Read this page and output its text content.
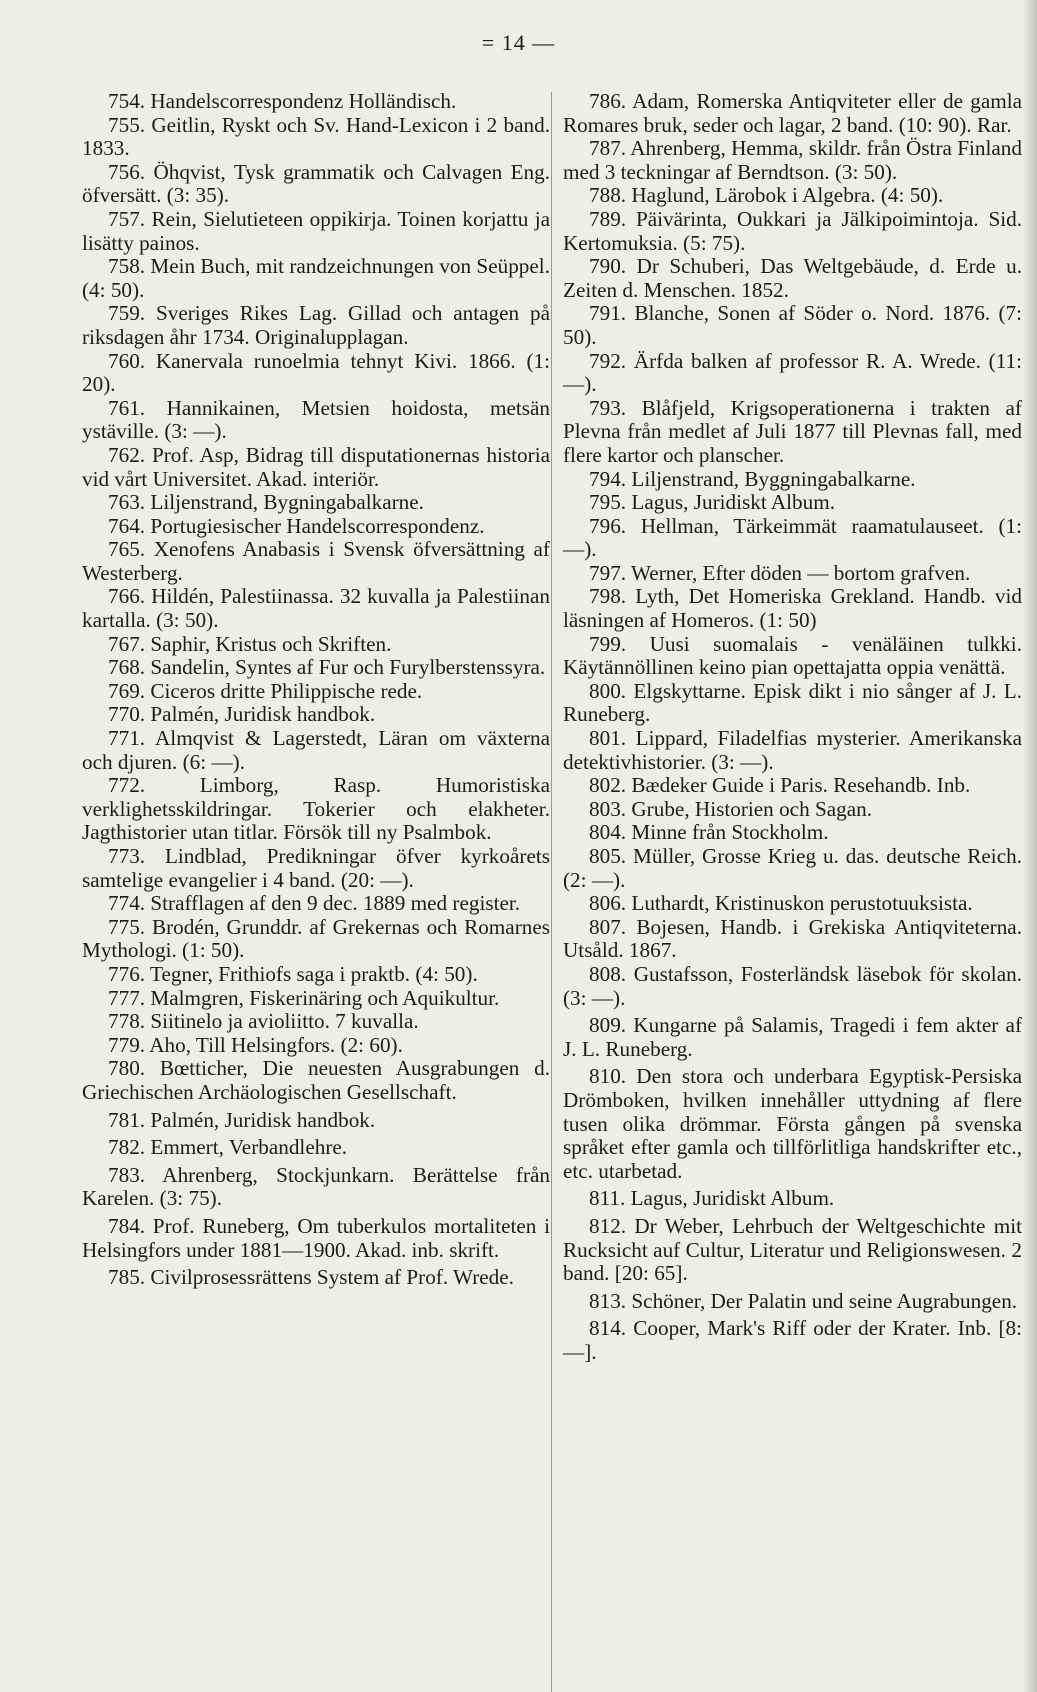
= 14 —

754. Handelscorrespondenz Holländisch.

755. Geitlin, Ryskt och Sv. Hand-Lexicon i 2 band. 1833.

756. Öhqvist, Tysk grammatik och Calvagen Eng. öfversätt. (3: 35).

757. Rein, Sielutieteen oppikirja. Toinen korjattu ja lisätty painos.

758. Mein Buch, mit randzeichnungen von Seüppel. (4: 50).

759. Sveriges Rikes Lag. Gillad och antagen på riksdagen åhr 1734. Originalupplagan.

760. Kanervala runoelmia tehnyt Kivi. 1866. (1: 20).

761. Hannikainen, Metsien hoidosta, metsän ystäville. (3: —).

762. Prof. Asp, Bidrag till disputationernas historia vid vårt Universitet. Akad. interiör.

763. Liljenstrand, Bygningabalkarne.

764. Portugiesischer Handelscorrespondenz.

765. Xenofens Anabasis i Svensk öfversättning af Westerberg.

766. Hildén, Palestiinassa. 32 kuvalla ja Palestiinan kartalla. (3: 50).

767. Saphir, Kristus och Skriften.

768. Sandelin, Syntes af Fur och Furylberstenssyra.

769. Ciceros dritte Philippische rede.

770. Palmén, Juridisk handbok.

771. Almqvist & Lagerstedt, Läran om växterna och djuren. (6: —).

772. Limborg, Rasp. Humoristiska verklighetsskildringar. Tokerier och elakheter. Jagthistorier utan titlar. Försök till ny Psalmbok.

773. Lindblad, Predikningar öfver kyrkoårets samtelige evangelier i 4 band. (20: —).

774. Strafflagen af den 9 dec. 1889 med register.

775. Brodén, Grunddr. af Grekernas och Romarnes Mythologi. (1: 50).

776. Tegner, Frithiofs saga i praktb. (4: 50).

777. Malmgren, Fiskerinäring och Aquikultur.

778. Siitinelo ja avioliitto. 7 kuvalla.

779. Aho, Till Helsingfors. (2: 60).

780. Bœtticher, Die neuesten Ausgrabungen d. Griechischen Archäologischen Gesellschaft.

781. Palmén, Juridisk handbok.

782. Emmert, Verbandlehre.

783. Ahrenberg, Stockjunkarn. Berättelse från Karelen. (3: 75).

784. Prof. Runeberg, Om tuberkulos mortaliteten i Helsingfors under 1881—1900. Akad. inb. skrift.

785. Civilprosessrättens System af Prof. Wrede.

786. Adam, Romerska Antiqviteter eller de gamla Romares bruk, seder och lagar, 2 band. (10: 90). Rar.

787. Ahrenberg, Hemma, skildr. från Östra Finland med 3 teckningar af Berndtson. (3: 50).

788. Haglund, Lärobok i Algebra. (4: 50).

789. Päivärinta, Oukkari ja Jälkipoimintoja. Sid. Kertomuksia. (5: 75).

790. Dr Schuberi, Das Weltgebäude, d. Erde u. Zeiten d. Menschen. 1852.

791. Blanche, Sonen af Söder o. Nord. 1876. (7: 50).

792. Ärfda balken af professor R. A. Wrede. (11: —).

793. Blåfjeld, Krigsoperationerna i trakten af Plevna från medlet af Juli 1877 till Plevnas fall, med flere kartor och planscher.

794. Liljenstrand, Byggningabalkarne.

795. Lagus, Juridiskt Album.

796. Hellman, Tärkeimmät raamatulauseet. (1: —).

797. Werner, Efter döden — bortom grafven.

798. Lyth, Det Homeriska Grekland. Handb. vid läsningen af Homeros. (1: 50)

799. Uusi suomalais - venäläinen tulkki. Käytännöllinen keino pian opettajatta oppia venättä.

800. Elgskyttarne. Episk dikt i nio sånger af J. L. Runeberg.

801. Lippard, Filadelfias mysterier. Amerikanska detektivhistorier. (3: —).

802. Bædeker Guide i Paris. Resehandb. Inb.

803. Grube, Historien och Sagan.

804. Minne från Stockholm.

805. Müller, Grosse Krieg u. das. deutsche Reich. (2: —).

806. Luthardt, Kristinuskon perustotuuksista.

807. Bojesen, Handb. i Grekiska Antiqviteterna. Utsåld. 1867.

808. Gustafsson, Fosterländsk läsebok för skolan. (3: —).

809. Kungarne på Salamis, Tragedi i fem akter af J. L. Runeberg.

810. Den stora och underbara Egyptisk-Persiska Drömboken, hvilken innehåller uttydning af flere tusen olika drömmar. Första gången på svenska språket efter gamla och tillförlitliga handskrifter etc., etc. utarbetad.

811. Lagus, Juridiskt Album.

812. Dr Weber, Lehrbuch der Weltgeschichte mit Rucksicht auf Cultur, Literatur und Religionswesen. 2 band. [20: 65].

813. Schöner, Der Palatin und seine Augrabungen.

814. Cooper, Mark's Riff oder der Krater. Inb. [8: —].
